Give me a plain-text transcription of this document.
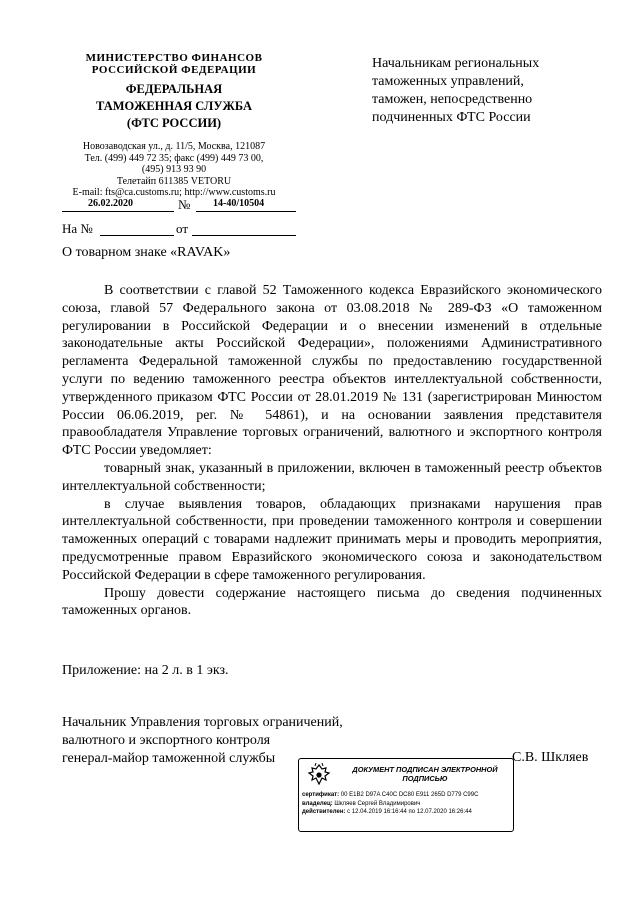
МИНИСТЕРСТВО ФИНАНСОВ
РОССИЙСКОЙ ФЕДЕРАЦИИ
ФЕДЕРАЛЬНАЯ
ТАМОЖЕННАЯ СЛУЖБА
(ФТС РОССИИ)
Новозаводская ул., д. 11/5, Москва, 121087
Тел. (499) 449 72 35; факс (499) 449 73 00,
(495) 913 93 90
Телетайп 611385 VETORU
E-mail: fts@ca.customs.ru; http://www.customs.ru
26.02.2020	№ 14-40/10504
На №	от
Начальникам региональных
таможенных управлений,
таможен, непосредственно
подчиненных ФТС России
О товарном знаке «RAVAK»

В соответствии с главой 52 Таможенного кодекса Евразийского экономического союза, главой 57 Федерального закона от 03.08.2018 № 289-ФЗ «О таможенном регулировании в Российской Федерации и о внесении изменений в отдельные законодательные акты Российской Федерации», положениями Административного регламента Федеральной таможенной службы по предоставлению государственной услуги по ведению таможенного реестра объектов интеллектуальной собственности, утвержденного приказом ФТС России от 28.01.2019 № 131 (зарегистрирован Минюстом России 06.06.2019, рег. № 54861), и на основании заявления представителя правообладателя Управление торговых ограничений, валютного и экспортного контроля ФТС России уведомляет:

товарный знак, указанный в приложении, включен в таможенный реестр объектов интеллектуальной собственности;

в случае выявления товаров, обладающих признаками нарушения прав интеллектуальной собственности, при проведении таможенного контроля и совершении таможенных операций с товарами надлежит принимать меры и проводить мероприятия, предусмотренные правом Евразийского экономического союза и законодательством Российской Федерации в сфере таможенного регулирования.

Прошу довести содержание настоящего письма до сведения подчиненных таможенных органов.

Приложение: на 2 л. в 1 экз.
Начальник Управления торговых ограничений,
валютного и экспортного контроля
генерал-майор таможенной службы	С.В. Шкляев
ДОКУМЕНТ ПОДПИСАН ЭЛЕКТРОННОЙ ПОДПИСЬЮ
сертификат: 00 E1B2 D97A C40C DC80 E911 265D D779 C99C
владелец: Шкляев Сергей Владимирович
действителен: с 12.04.2019 16:16:44 по 12.07.2020 16:26:44
